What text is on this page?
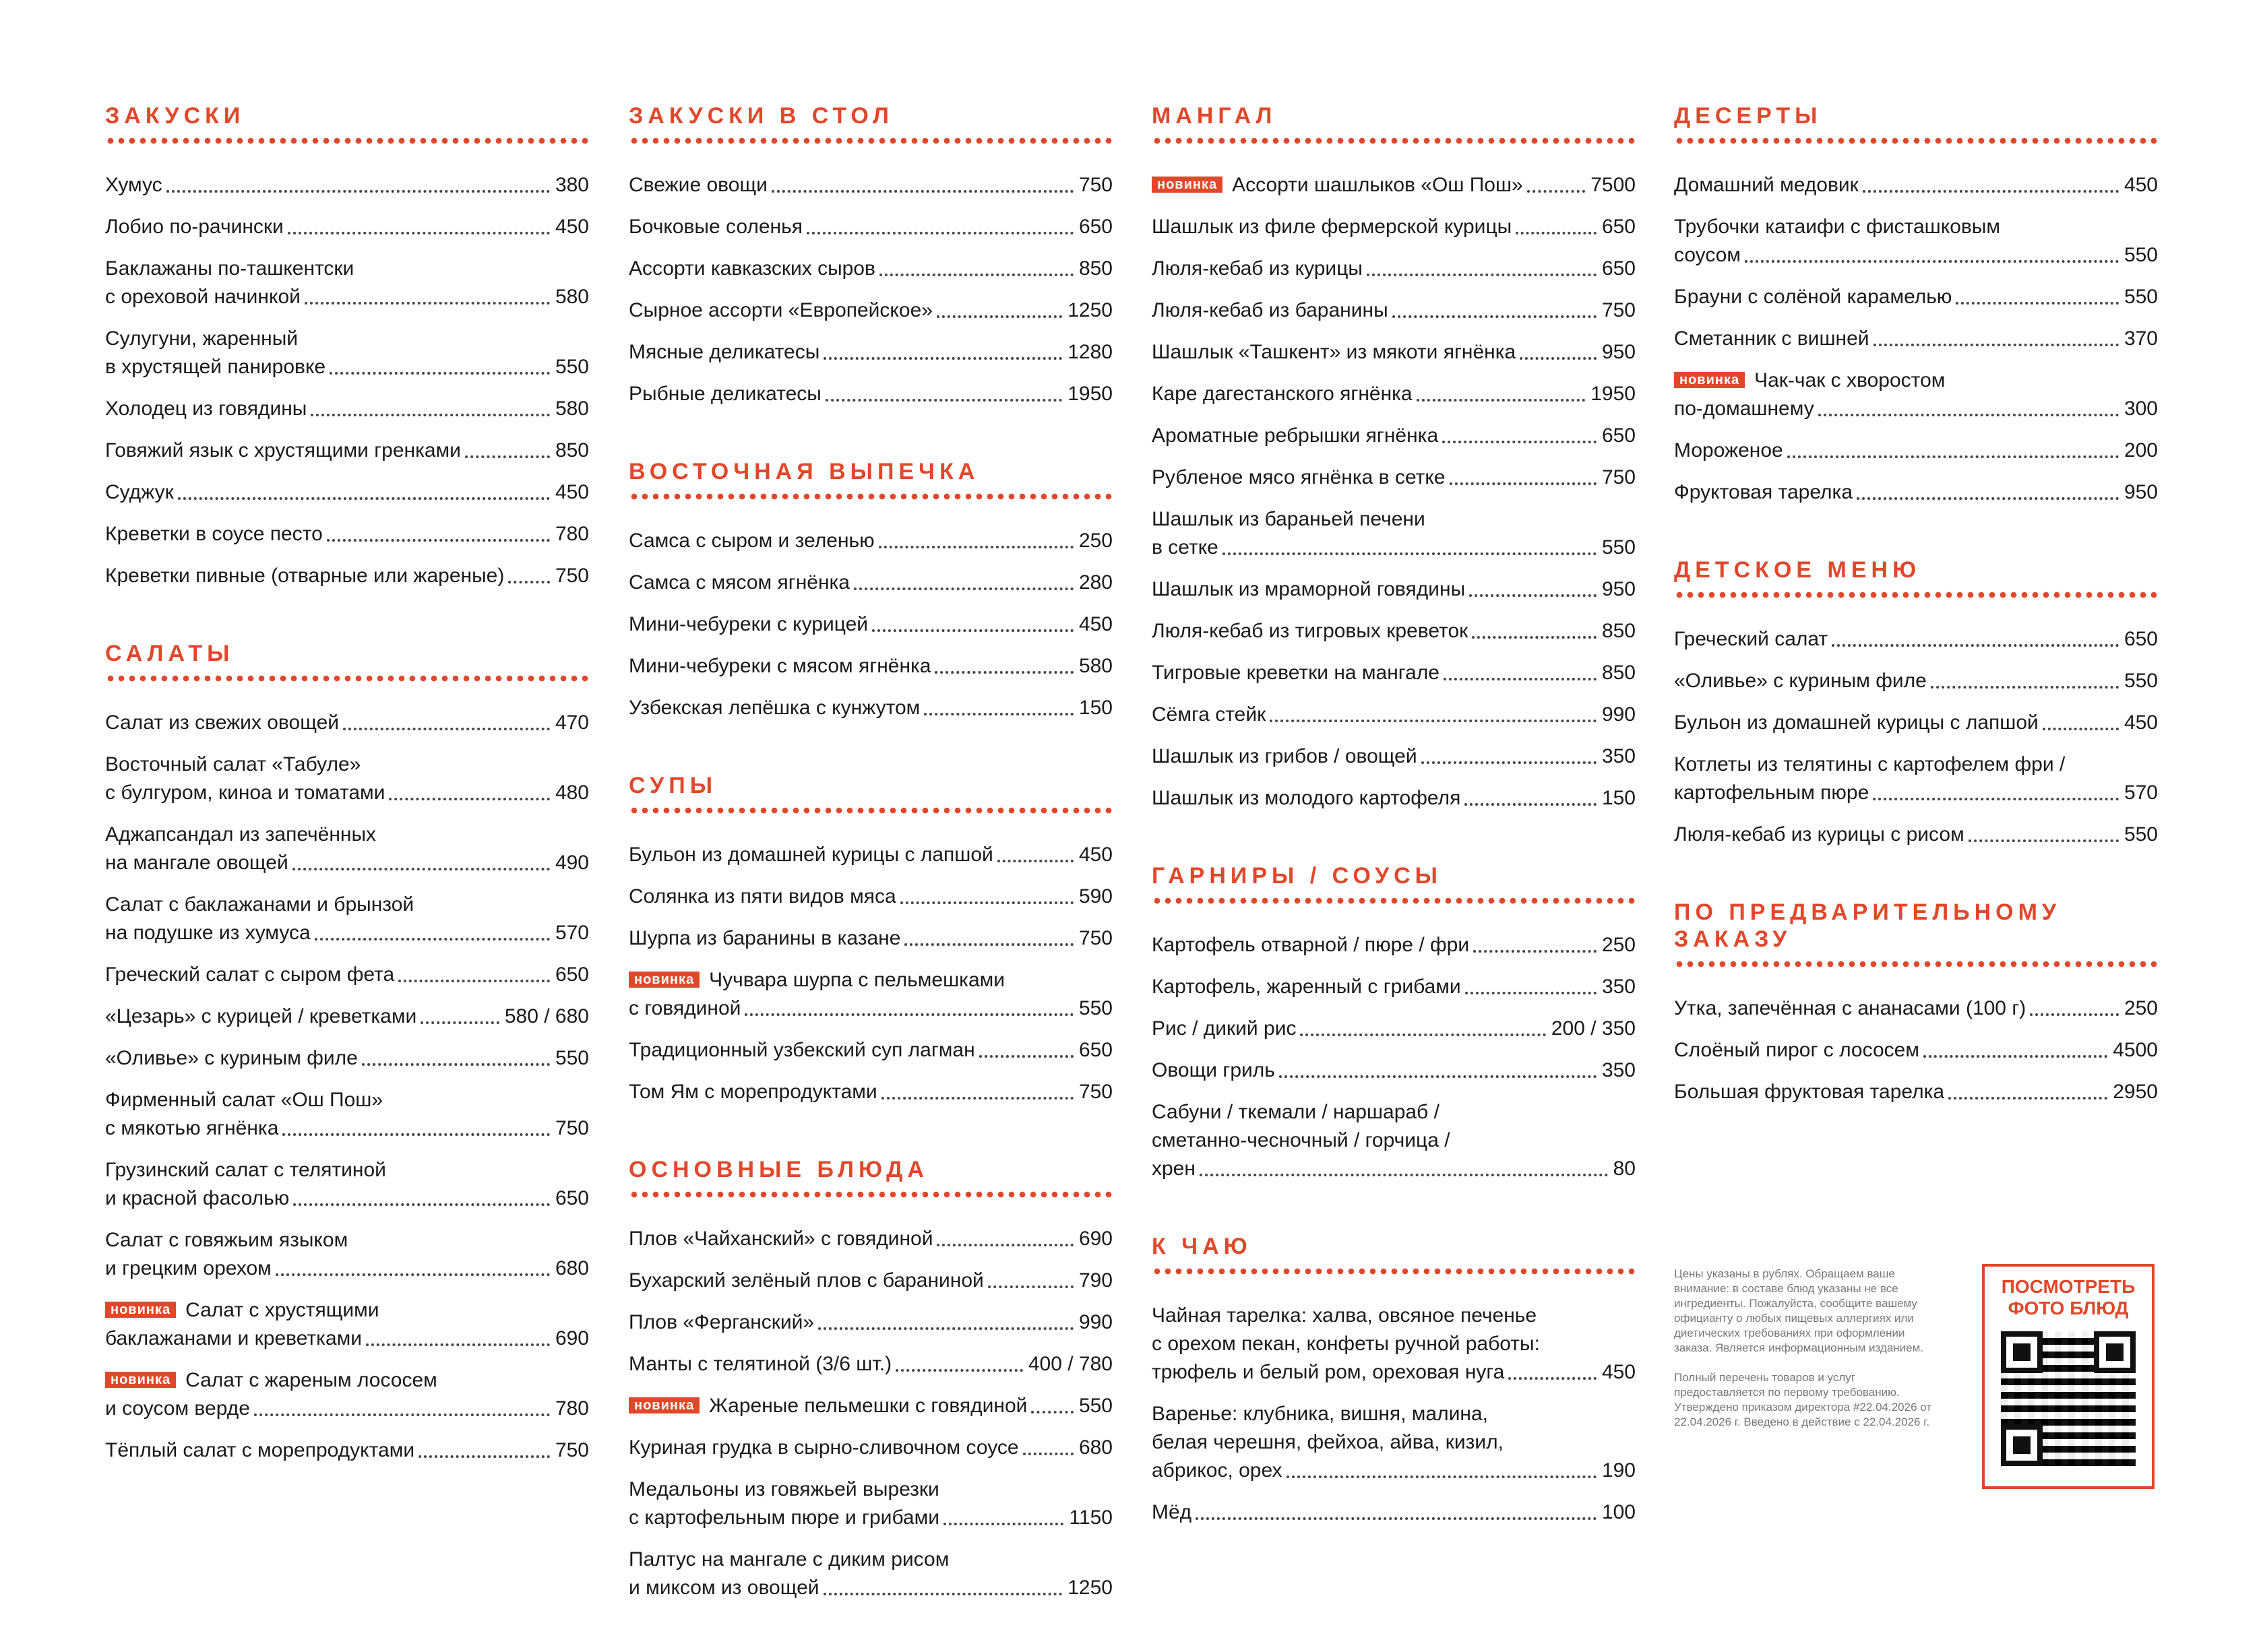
ЗАКУСКИ
Хумус	380
Лобио по-рачински	450
Баклажаны по-ташкентски
с ореховой начинкой	580
Сулугуни, жаренный
в хрустящей панировке	550
Холодец из говядины	580
Говяжий язык с хрустящими гренками	850
Суджук	450
Креветки в соусе песто	780
Креветки пивные (отварные или жареные)	750
САЛАТЫ
Салат из свежих овощей	470
Восточный салат «Табуле»
с булгуром, киноа и томатами	480
Аджапсандал из запечённых
на мангале овощей	490
Салат с баклажанами и брынзой
на подушке из хумуса	570
Греческий салат с сыром фета	650
«Цезарь» с курицей / креветками	580 / 680
«Оливье» с куриным филе	550
Фирменный салат «Ош Пош»
с мякотью ягнёнка	750
Грузинский салат с телятиной
и красной фасолью	650
Салат с говяжьим языком
и грецким орехом	680
новинка Салат с хрустящими
баклажанами и креветками	690
новинка Салат с жареным лососем
и соусом верде	780
Тёплый салат с морепродуктами	750
ЗАКУСКИ В СТОЛ
Свежие овощи	750
Бочковые соленья	650
Ассорти кавказских сыров	850
Сырное ассорти «Европейское»	1250
Мясные деликатесы	1280
Рыбные деликатесы	1950
ВОСТОЧНАЯ ВЫПЕЧКА
Самса с сыром и зеленью	250
Самса с мясом ягнёнка	280
Мини-чебуреки с курицей	450
Мини-чебуреки с мясом ягнёнка	580
Узбекская лепёшка с кунжутом	150
СУПЫ
Бульон из домашней курицы с лапшой	450
Солянка из пяти видов мяса	590
Шурпа из баранины в казане	750
новинка Чучвара шурпа с пельмешками
с говядиной	550
Традиционный узбекский суп лагман	650
Том Ям с морепродуктами	750
ОСНОВНЫЕ БЛЮДА
Плов «Чайханский» с говядиной	690
Бухарский зелёный плов с бараниной	790
Плов «Ферганский»	990
Манты с телятиной (3/6 шт.)	400 / 780
новинка Жареные пельмешки с говядиной	550
Куриная грудка в сырно-сливочном соусе	680
Медальоны из говяжьей вырезки
с картофельным пюре и грибами	1150
Палтус на мангале с диким рисом
и миксом из овощей	1250
МАНГАЛ
новинка Ассорти шашлыков «Ош Пош»	7500
Шашлык из филе фермерской курицы	650
Люля-кебаб из курицы	650
Люля-кебаб из баранины	750
Шашлык «Ташкент» из мякоти ягнёнка	950
Каре дагестанского ягнёнка	1950
Ароматные ребрышки ягнёнка	650
Рубленое мясо ягнёнка в сетке	750
Шашлык из бараньей печени
в сетке	550
Шашлык из мраморной говядины	950
Люля-кебаб из тигровых креветок	850
Тигровые креветки на мангале	850
Сёмга стейк	990
Шашлык из грибов / овощей	350
Шашлык из молодого картофеля	150
ГАРНИРЫ / СОУСЫ
Картофель отварной / пюре / фри	250
Картофель, жаренный с грибами	350
Рис / дикий рис	200 / 350
Овощи гриль	350
Сабуни / ткемали / наршараб /
сметанно-чесночный / горчица /
хрен	80
К ЧАЮ
Чайная тарелка: халва, овсяное печенье
с орехом пекан, конфеты ручной работы:
трюфель и белый ром, ореховая нуга	450
Варенье: клубника, вишня, малина,
белая черешня, фейхоа, айва, кизил,
абрикос, орех	190
Мёд	100
ДЕСЕРТЫ
Домашний медовик	450
Трубочки катаифи с фисташковым
соусом	550
Брауни с солёной карамелью	550
Сметанник с вишней	370
новинка Чак-чак с хворостом
по-домашнему	300
Мороженое	200
Фруктовая тарелка	950
ДЕТСКОЕ МЕНЮ
Греческий салат	650
«Оливье» с куриным филе	550
Бульон из домашней курицы с лапшой	450
Котлеты из телятины с картофелем фри /
картофельным пюре	570
Люля-кебаб из курицы с рисом	550
ПО ПРЕДВАРИТЕЛЬНОМУ ЗАКАЗУ
Утка, запечённая с ананасами (100 г)	250
Слоёный пирог с лососем	4500
Большая фруктовая тарелка	2950

Цены указаны в рублях. Обращаем ваше внимание: в составе блюд указаны не все ингредиенты. Пожалуйста, сообщите вашему официанту о любых пищевых аллергиях или диетических требованиях при оформлении заказа. Является информационным изданием.

Полный перечень товаров и услуг предоставляется по первому требованию. Утверждено приказом директора #22.04.2026 от 22.04.2026 г. Введено в действие с 22.04.2026 г.

ПОСМОТРЕТЬ
ФОТО БЛЮД
